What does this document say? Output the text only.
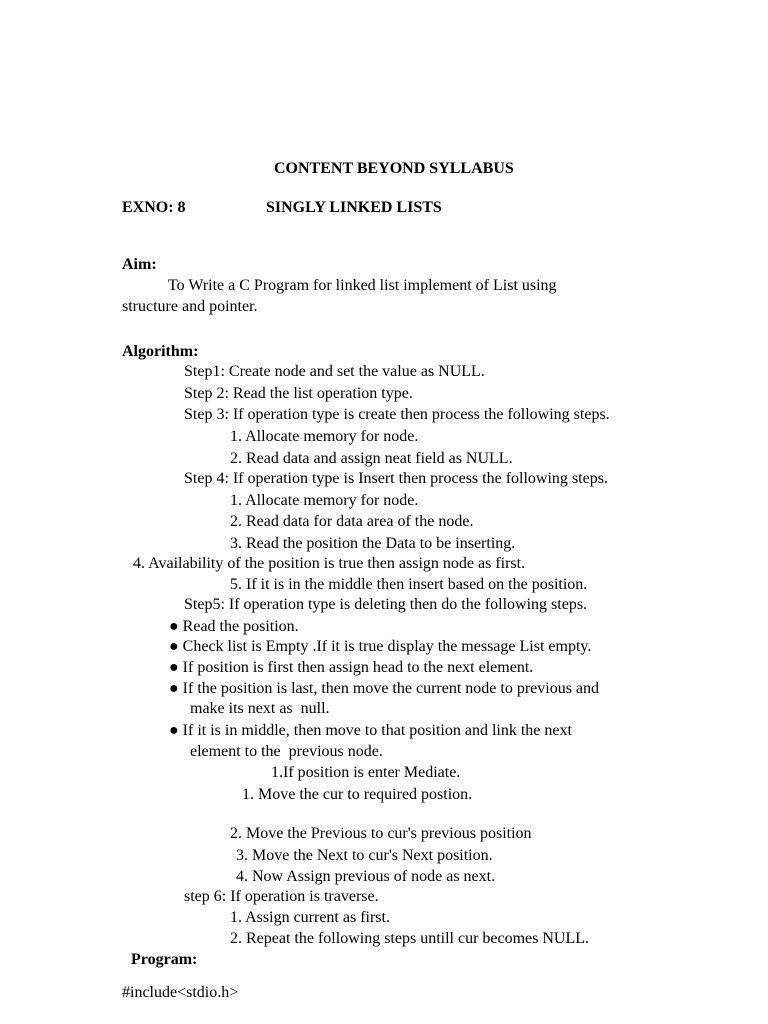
CONTENT BEYOND SYLLABUS
EXNO: 8	SINGLY LINKED LISTS
Aim:
To Write a C Program for linked list implement of List using
structure and pointer.
Algorithm:
Step1: Create node and set the value as NULL.
Step 2: Read the list operation type.
Step 3: If operation type is create then process the following steps.
1. Allocate memory for node.
2. Read data and assign neat field as NULL.
Step 4: If operation type is Insert then process the following steps.
1. Allocate memory for node.
2. Read data for data area of the node.
3. Read the position the Data to be inserting.
4. Availability of the position is true then assign node as first.
5. If it is in the middle then insert based on the position.
Step5: If operation type is deleting then do the following steps.
● Read the position.
● Check list is Empty .If it is true display the message List empty.
● If position is first then assign head to the next element.
● If the position is last, then move the current node to previous and
make its next as  null.
● If it is in middle, then move to that position and link the next
element to the  previous node.
1.If position is enter Mediate.
1. Move the cur to required postion.
2. Move the Previous to cur's previous position
3. Move the Next to cur's Next position.
4. Now Assign previous of node as next.
step 6: If operation is traverse.
1. Assign current as first.
2. Repeat the following steps untill cur becomes NULL.
Program:
#include<stdio.h>
